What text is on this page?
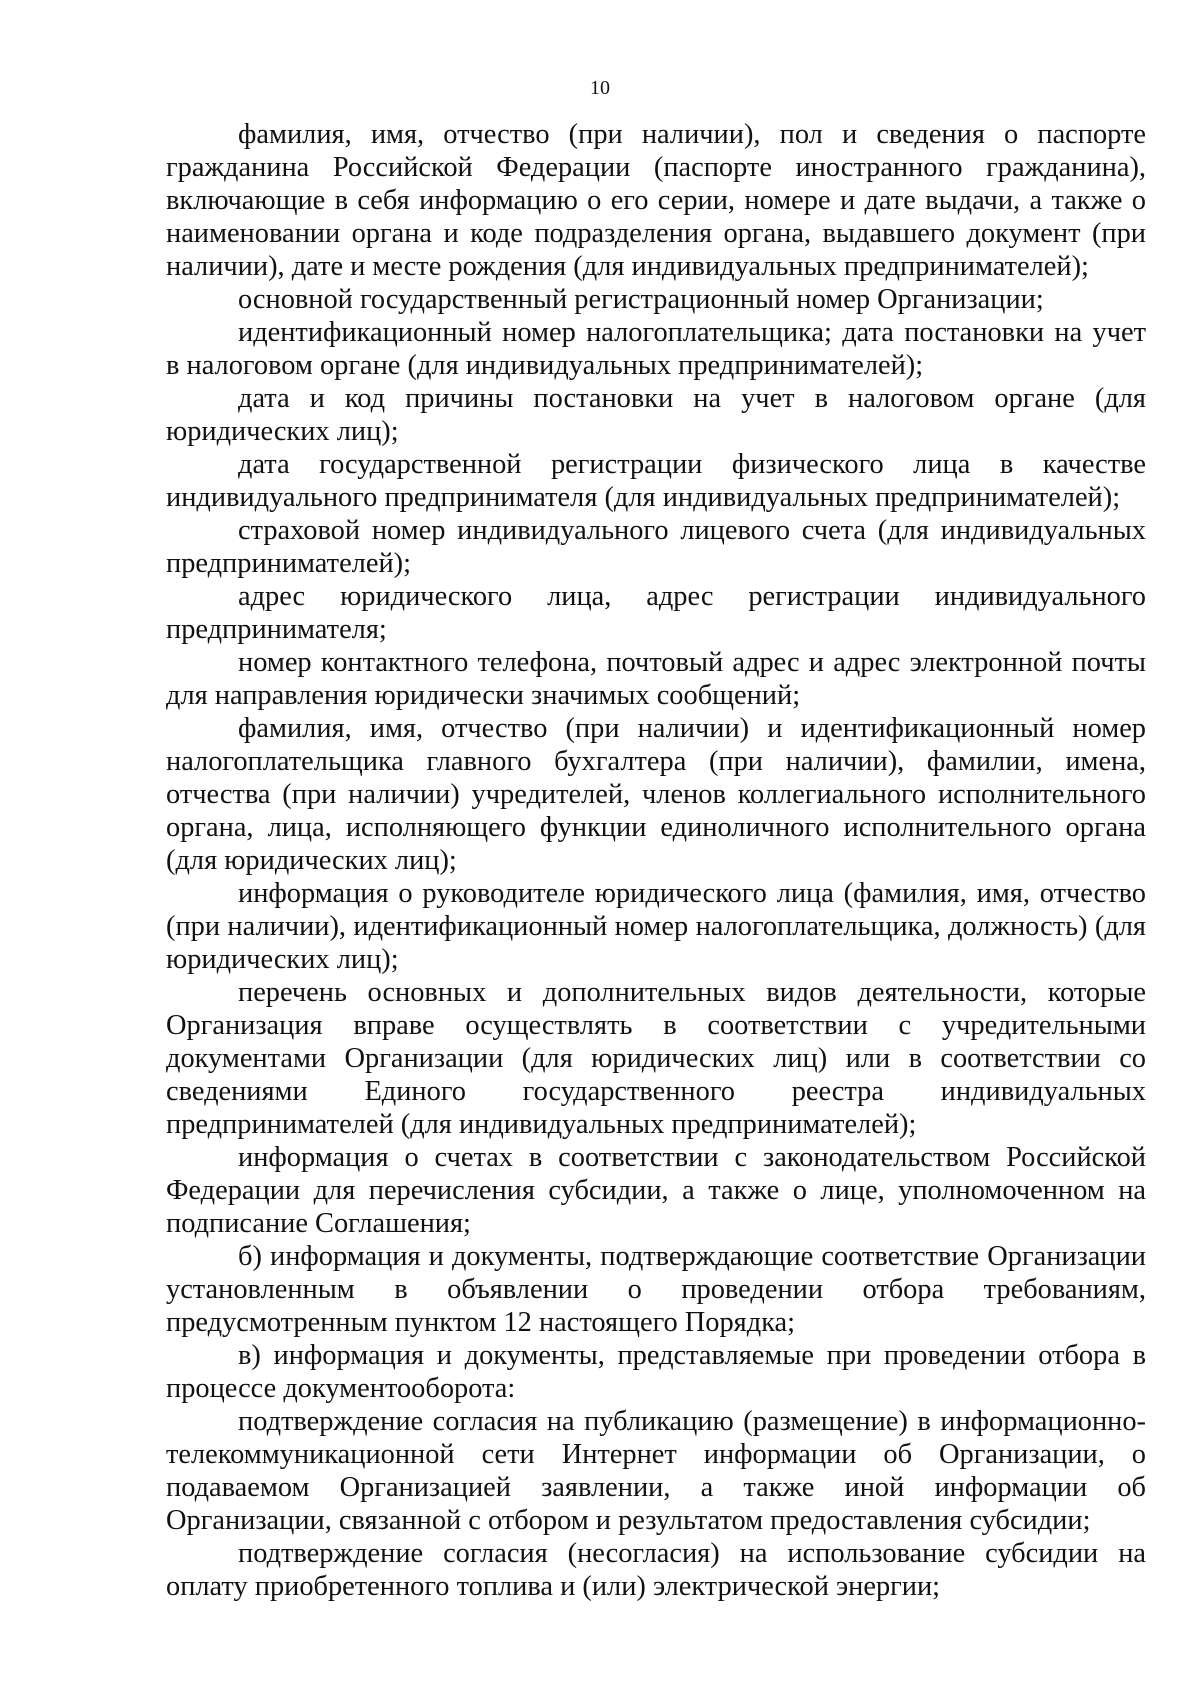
10

фамилия, имя, отчество (при наличии), пол и сведения о паспорте гражданина Российской Федерации (паспорте иностранного гражданина), включающие в себя информацию о его серии, номере и дате выдачи, а также о наименовании органа и коде подразделения органа, выдавшего документ (при наличии), дате и месте рождения (для индивидуальных предпринимателей);

основной государственный регистрационный номер Организации;

идентификационный номер налогоплательщика; дата постановки на учет в налоговом органе (для индивидуальных предпринимателей);

дата и код причины постановки на учет в налоговом органе (для юридических лиц);

дата государственной регистрации физического лица в качестве индивидуального предпринимателя (для индивидуальных предпринимателей);

страховой номер индивидуального лицевого счета (для индивидуальных предпринимателей);

адрес юридического лица, адрес регистрации индивидуального предпринимателя;

номер контактного телефона, почтовый адрес и адрес электронной почты для направления юридически значимых сообщений;

фамилия, имя, отчество (при наличии) и идентификационный номер налогоплательщика главного бухгалтера (при наличии), фамилии, имена, отчества (при наличии) учредителей, членов коллегиального исполнительного органа, лица, исполняющего функции единоличного исполнительного органа (для юридических лиц);

информация о руководителе юридического лица (фамилия, имя, отчество (при наличии), идентификационный номер налогоплательщика, должность) (для юридических лиц);

перечень основных и дополнительных видов деятельности, которые Организация вправе осуществлять в соответствии с учредительными документами Организации (для юридических лиц) или в соответствии со сведениями Единого государственного реестра индивидуальных предпринимателей (для индивидуальных предпринимателей);

информация о счетах в соответствии с законодательством Российской Федерации для перечисления субсидии, а также о лице, уполномоченном на подписание Соглашения;

б) информация и документы, подтверждающие соответствие Организации установленным в объявлении о проведении отбора требованиям, предусмотренным пунктом 12 настоящего Порядка;

в) информация и документы, представляемые при проведении отбора в процессе документооборота:

подтверждение согласия на публикацию (размещение) в информационно-телекоммуникационной сети Интернет информации об Организации, о подаваемом Организацией заявлении, а также иной информации об Организации, связанной с отбором и результатом предоставления субсидии;

подтверждение согласия (несогласия) на использование субсидии на оплату приобретенного топлива и (или) электрической энергии;
